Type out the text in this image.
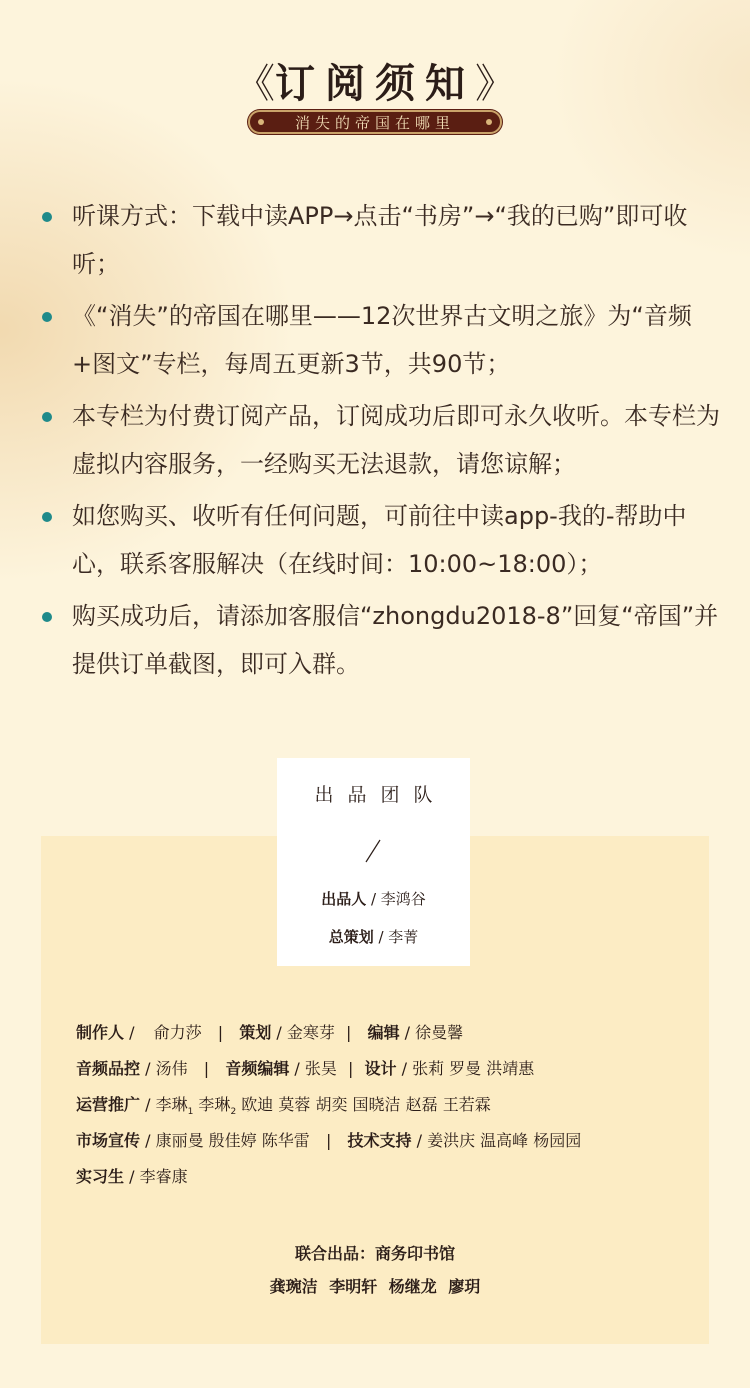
《订阅须知》
消失的帝国在哪里
听课方式：下载中读APP→点击“书房”→“我的已购”即可收听；
《“消失”的帝国在哪里——12次世界古文明之旅》为“音频+图文”专栏，每周五更新3节，共90节；
本专栏为付费订阅产品，订阅成功后即可永久收听。本专栏为虚拟内容服务，一经购买无法退款，请您谅解；
如您购买、收听有任何问题，可前往中读app-我的-帮助中心，联系客服解决（在线时间：10:00~18:00）；
购买成功后，请添加客服信“zhongdu2018-8”回复“帝国”并提供订单截图，即可入群。
出品团队
出品人 / 李鸿谷
总策划 / 李菁
制作人 / 俞力莎  |  策划 / 金寒芽 |  编辑 / 徐曼馨
音频品控 / 汤伟  |  音频编辑 / 张昊 | 设计 / 张莉 罗曼 洪靖惠
运营推广 / 李琳$_1$ 李琳$_2$ 欧迪 莫蓉 胡奕 国晓洁 赵磊 王若霖
市场宣传 / 康丽曼 殷佳婷 陈华雷  |  技术支持 / 姜洪庆 温高峰 杨园园
实习生 / 李睿康
联合出品：商务印书馆
龚琬洁 李明轩 杨继龙 廖玥
